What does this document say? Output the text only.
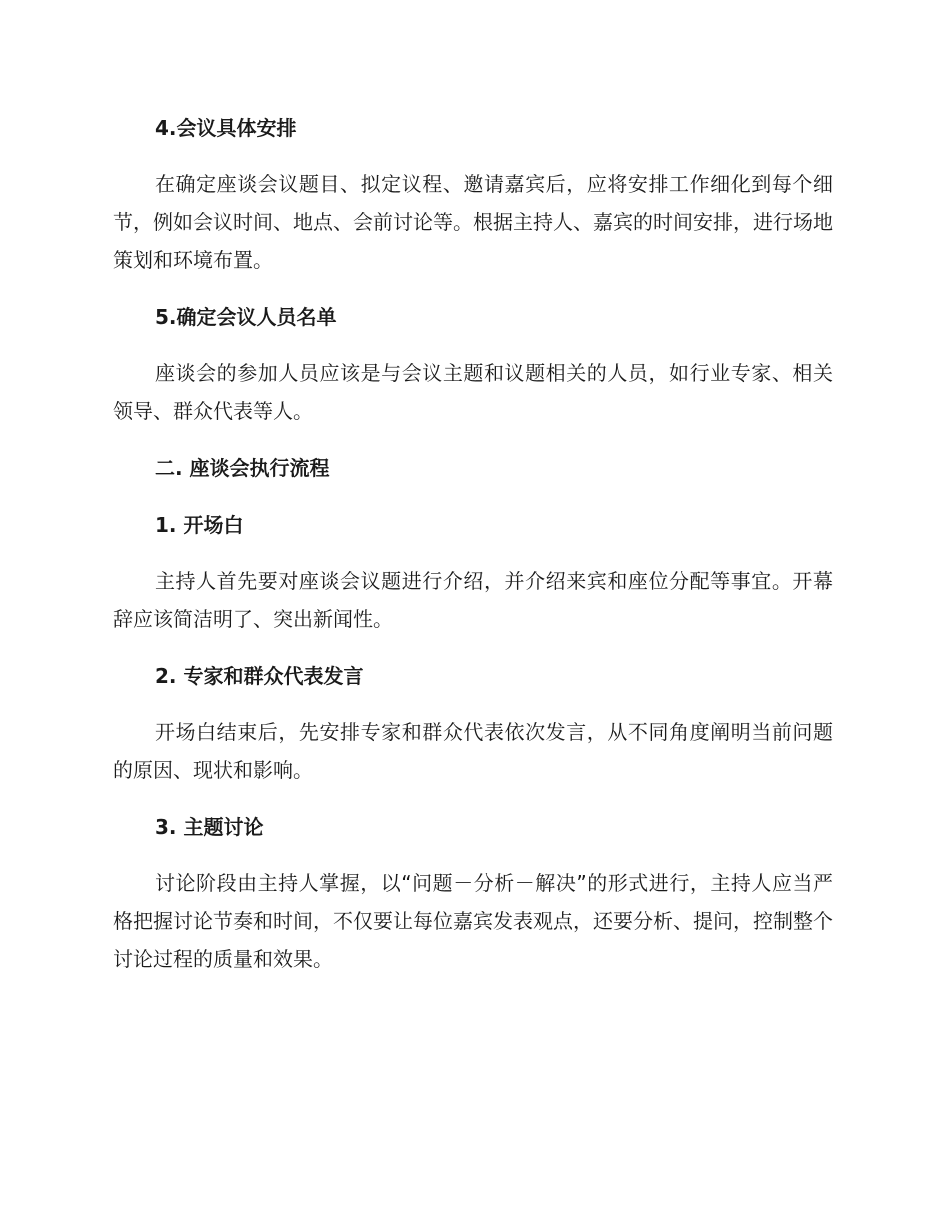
4.会议具体安排

在确定座谈会议题目、拟定议程、邀请嘉宾后，应将安排工作细化到每个细节，例如会议时间、地点、会前讨论等。根据主持人、嘉宾的时间安排，进行场地策划和环境布置。

5.确定会议人员名单

座谈会的参加人员应该是与会议主题和议题相关的人员，如行业专家、相关领导、群众代表等人。

二. 座谈会执行流程
1. 开场白

主持人首先要对座谈会议题进行介绍，并介绍来宾和座位分配等事宜。开幕辞应该简洁明了、突出新闻性。

2. 专家和群众代表发言

开场白结束后，先安排专家和群众代表依次发言，从不同角度阐明当前问题的原因、现状和影响。

3. 主题讨论

讨论阶段由主持人掌握，以“问题－分析－解决”的形式进行，主持人应当严格把握讨论节奏和时间，不仅要让每位嘉宾发表观点，还要分析、提问，控制整个讨论过程的质量和效果。
